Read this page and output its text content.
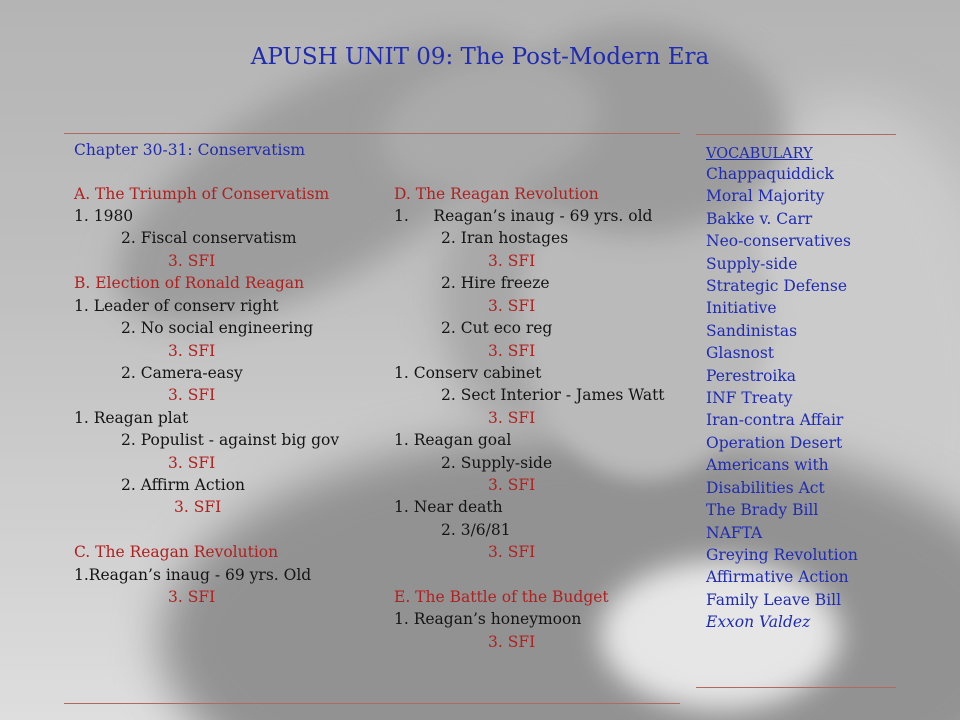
APUSH UNIT 09: The Post-Modern Era
Chapter 30-31: Conservatism
A. The Triumph of Conservatism
1. 1980
2. Fiscal conservatism
3. SFI
B. Election of Ronald Reagan
1. Leader of conserv right
2. No social engineering
3. SFI
2. Camera-easy
3. SFI
1. Reagan plat
2. Populist - against big gov
3. SFI
2. Affirm Action
3. SFI
C. The Reagan Revolution
1.Reagan’s inaug - 69 yrs. Old
3. SFI
D. The Reagan Revolution
1.     Reagan’s inaug - 69 yrs. old
2. Iran hostages
3. SFI
2. Hire freeze
3. SFI
2. Cut eco reg
3. SFI
1. Conserv cabinet
2. Sect Interior - James Watt
3. SFI
1. Reagan goal
2. Supply-side
3. SFI
1. Near death
2. 3/6/81
3. SFI
E. The Battle of the Budget
1. Reagan’s honeymoon
3. SFI
VOCABULARY
Chappaquiddick
Moral Majority
Bakke v. Carr
Neo-conservatives
Supply-side
Strategic Defense
Initiative
Sandinistas
Glasnost
Perestroika
INF Treaty
Iran-contra Affair
Operation Desert
Americans with
Disabilities Act
The Brady Bill
NAFTA
Greying Revolution
Affirmative Action
Family Leave Bill
Exxon Valdez
